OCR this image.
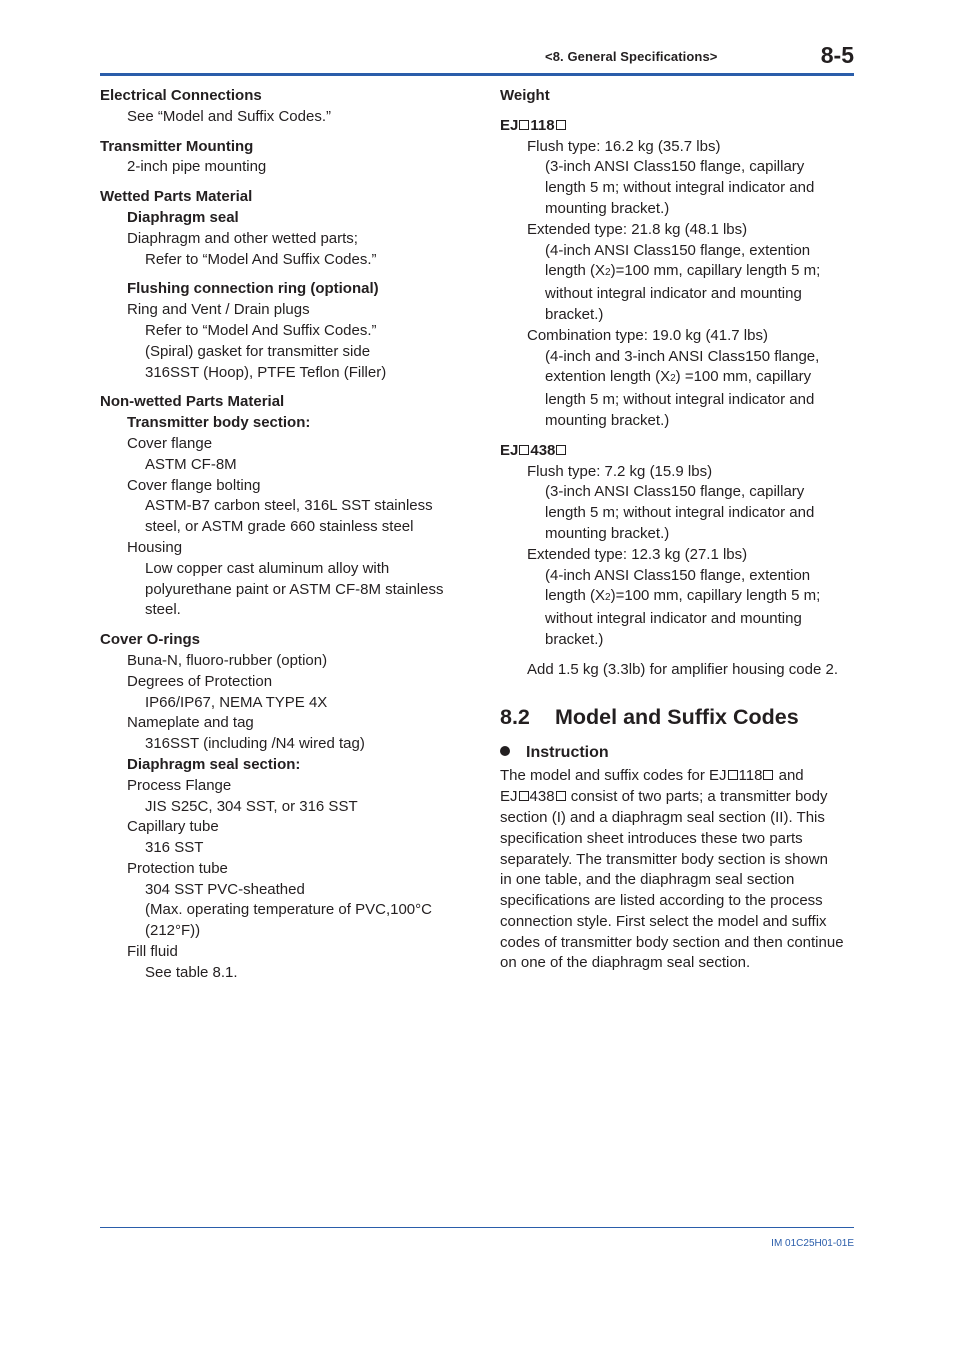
<8. General Specifications>	8-5
Electrical Connections
See “Model and Suffix Codes.”
Transmitter Mounting
2-inch pipe mounting
Wetted Parts Material
Diaphragm seal
Diaphragm and other wetted parts;
Refer to “Model And Suffix Codes.”
Flushing connection ring (optional)
Ring and Vent / Drain plugs
Refer to “Model And Suffix Codes.”
(Spiral) gasket for transmitter side
316SST (Hoop), PTFE Teflon (Filler)
Non-wetted Parts Material
Transmitter body section:
Cover flange
ASTM CF-8M
Cover flange bolting
ASTM-B7 carbon steel, 316L SST stainless
steel, or ASTM grade 660 stainless steel
Housing
Low copper cast aluminum alloy with
polyurethane paint or ASTM CF-8M stainless
steel.
Cover O-rings
Buna-N, fluoro-rubber (option)
Degrees of Protection
IP66/IP67, NEMA TYPE 4X
Nameplate and tag
316SST (including /N4 wired tag)
Diaphragm seal section:
Process Flange
JIS S25C, 304 SST, or 316 SST
Capillary tube
316 SST
Protection tube
304 SST PVC-sheathed
(Max. operating temperature of PVC,100°C
(212°F))
Fill fluid
See table 8.1.
Weight
EJ 118
Flush type: 16.2 kg (35.7 lbs)
(3-inch ANSI Class150 flange, capillary
length 5 m; without integral indicator and
mounting bracket.)
Extended type: 21.8 kg (48.1 lbs)
(4-inch ANSI Class150 flange, extention
length (X2)=100 mm, capillary length 5 m;
without integral indicator and mounting
bracket.)
Combination type: 19.0 kg (41.7 lbs)
(4-inch and 3-inch ANSI Class150 flange,
extention length (X2) =100 mm, capillary
length 5 m; without integral indicator and
mounting bracket.)
EJ 438
Flush type: 7.2 kg (15.9 lbs)
(3-inch ANSI Class150 flange, capillary
length 5 m; without integral indicator and
mounting bracket.)
Extended type: 12.3 kg (27.1 lbs)
(4-inch ANSI Class150 flange, extention
length (X2)=100 mm, capillary length 5 m;
without integral indicator and mounting
bracket.)
Add 1.5 kg (3.3lb) for amplifier housing code 2.
8.2 Model and Suffix Codes
Instruction
The model and suffix codes for EJ 118 and
EJ 438 consist of two parts; a transmitter body
section (I) and a diaphragm seal section (II). This
specification sheet introduces these two parts
separately. The transmitter body section is shown
in one table, and the diaphragm seal section
specifications are listed according to the process
connection style. First select the model and suffix
codes of transmitter body section and then continue
on one of the diaphragm seal section.
IM 01C25H01-01E
